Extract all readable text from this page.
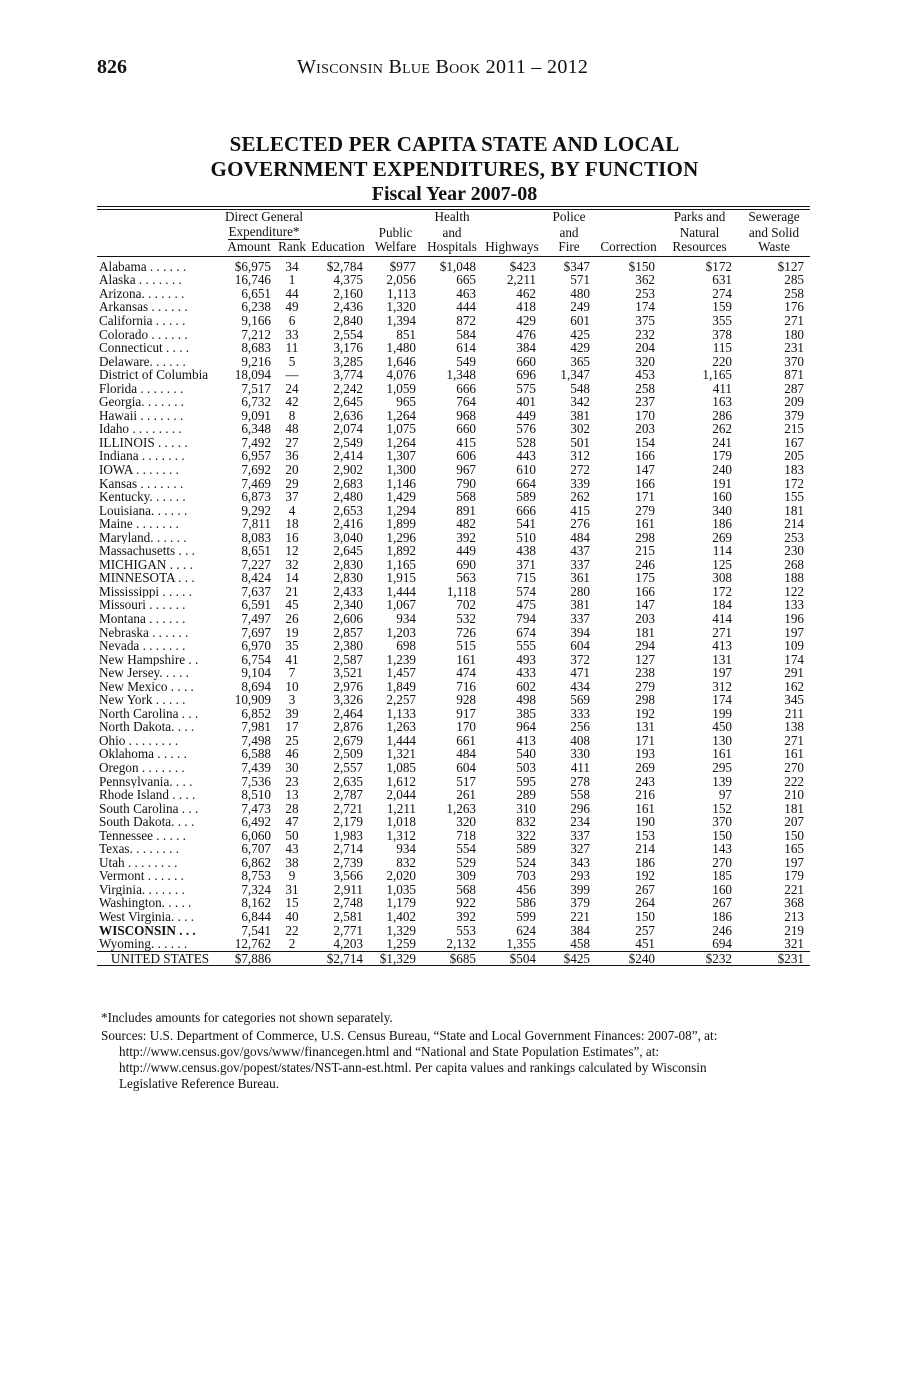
826	Wisconsin Blue Book 2011 – 2012
SELECTED PER CAPITA STATE AND LOCAL
GOVERNMENT EXPENDITURES, BY FUNCTION
Fiscal Year 2007-08
	Direct General				Health		Police		Parks and	Sewerage
	Expenditure*			Public	and		and		Natural	and Solid
	Amount	Rank	Education	Welfare	Hospitals	Highways	Fire	Correction	Resources	Waste
Alabama . . . . . .	$6,975	34	$2,784	$977	$1,048	$423	$347	$150	$172	$127
Alaska . . . . . . .	16,746	1	4,375	2,056	665	2,211	571	362	631	285
Arizona. . . . . . .	6,651	44	2,160	1,113	463	462	480	253	274	258
Arkansas . . . . . .	6,238	49	2,436	1,320	444	418	249	174	159	176
California . . . . .	9,166	6	2,840	1,394	872	429	601	375	355	271
Colorado . . . . . .	7,212	33	2,554	851	584	476	425	232	378	180
Connecticut . . . .	8,683	11	3,176	1,480	614	384	429	204	115	231
Delaware. . . . . .	9,216	5	3,285	1,646	549	660	365	320	220	370
District of Columbia	18,094	—	3,774	4,076	1,348	696	1,347	453	1,165	871
Florida . . . . . . .	7,517	24	2,242	1,059	666	575	548	258	411	287
Georgia. . . . . . .	6,732	42	2,645	965	764	401	342	237	163	209
Hawaii . . . . . . .	9,091	8	2,636	1,264	968	449	381	170	286	379
Idaho . . . . . . . .	6,348	48	2,074	1,075	660	576	302	203	262	215
ILLINOIS . . . . .	7,492	27	2,549	1,264	415	528	501	154	241	167
Indiana . . . . . . .	6,957	36	2,414	1,307	606	443	312	166	179	205
IOWA . . . . . . .	7,692	20	2,902	1,300	967	610	272	147	240	183
Kansas . . . . . . .	7,469	29	2,683	1,146	790	664	339	166	191	172
Kentucky. . . . . .	6,873	37	2,480	1,429	568	589	262	171	160	155
Louisiana. . . . . .	9,292	4	2,653	1,294	891	666	415	279	340	181
Maine . . . . . . .	7,811	18	2,416	1,899	482	541	276	161	186	214
Maryland. . . . . .	8,083	16	3,040	1,296	392	510	484	298	269	253
Massachusetts . . .	8,651	12	2,645	1,892	449	438	437	215	114	230
MICHIGAN . . . .	7,227	32	2,830	1,165	690	371	337	246	125	268
MINNESOTA . . .	8,424	14	2,830	1,915	563	715	361	175	308	188
Mississippi . . . . .	7,637	21	2,433	1,444	1,118	574	280	166	172	122
Missouri . . . . . .	6,591	45	2,340	1,067	702	475	381	147	184	133
Montana . . . . . .	7,497	26	2,606	934	532	794	337	203	414	196
Nebraska . . . . . .	7,697	19	2,857	1,203	726	674	394	181	271	197
Nevada . . . . . . .	6,970	35	2,380	698	515	555	604	294	413	109
New Hampshire . .	6,754	41	2,587	1,239	161	493	372	127	131	174
New Jersey. . . . .	9,104	7	3,521	1,457	474	433	471	238	197	291
New Mexico . . . .	8,694	10	2,976	1,849	716	602	434	279	312	162
New York . . . . .	10,909	3	3,326	2,257	928	498	569	298	174	345
North Carolina . . .	6,852	39	2,464	1,133	917	385	333	192	199	211
North Dakota. . . .	7,981	17	2,876	1,263	170	964	256	131	450	138
Ohio . . . . . . . .	7,498	25	2,679	1,444	661	413	408	171	130	271
Oklahoma . . . . .	6,588	46	2,509	1,321	484	540	330	193	161	161
Oregon . . . . . . .	7,439	30	2,557	1,085	604	503	411	269	295	270
Pennsylvania. . . .	7,536	23	2,635	1,612	517	595	278	243	139	222
Rhode Island . . . .	8,510	13	2,787	2,044	261	289	558	216	97	210
South Carolina . . .	7,473	28	2,721	1,211	1,263	310	296	161	152	181
South Dakota. . . .	6,492	47	2,179	1,018	320	832	234	190	370	207
Tennessee . . . . .	6,060	50	1,983	1,312	718	322	337	153	150	150
Texas. . . . . . . .	6,707	43	2,714	934	554	589	327	214	143	165
Utah . . . . . . . .	6,862	38	2,739	832	529	524	343	186	270	197
Vermont . . . . . .	8,753	9	3,566	2,020	309	703	293	192	185	179
Virginia. . . . . . .	7,324	31	2,911	1,035	568	456	399	267	160	221
Washington. . . . .	8,162	15	2,748	1,179	922	586	379	264	267	368
West Virginia. . . .	6,844	40	2,581	1,402	392	599	221	150	186	213
WISCONSIN . . .	7,541	22	2,771	1,329	553	624	384	257	246	219
Wyoming. . . . . .	12,762	2	4,203	1,259	2,132	1,355	458	451	694	321
UNITED STATES	$7,886		$2,714	$1,329	$685	$504	$425	$240	$232	$231
*Includes amounts for categories not shown separately.
Sources: U.S. Department of Commerce, U.S. Census Bureau, “State and Local Government Finances: 2007-08”, at:
http://www.census.gov/govs/www/financegen.html and “National and State Population Estimates”, at:
http://www.census.gov/popest/states/NST-ann-est.html. Per capita values and rankings calculated by Wisconsin
Legislative Reference Bureau.
